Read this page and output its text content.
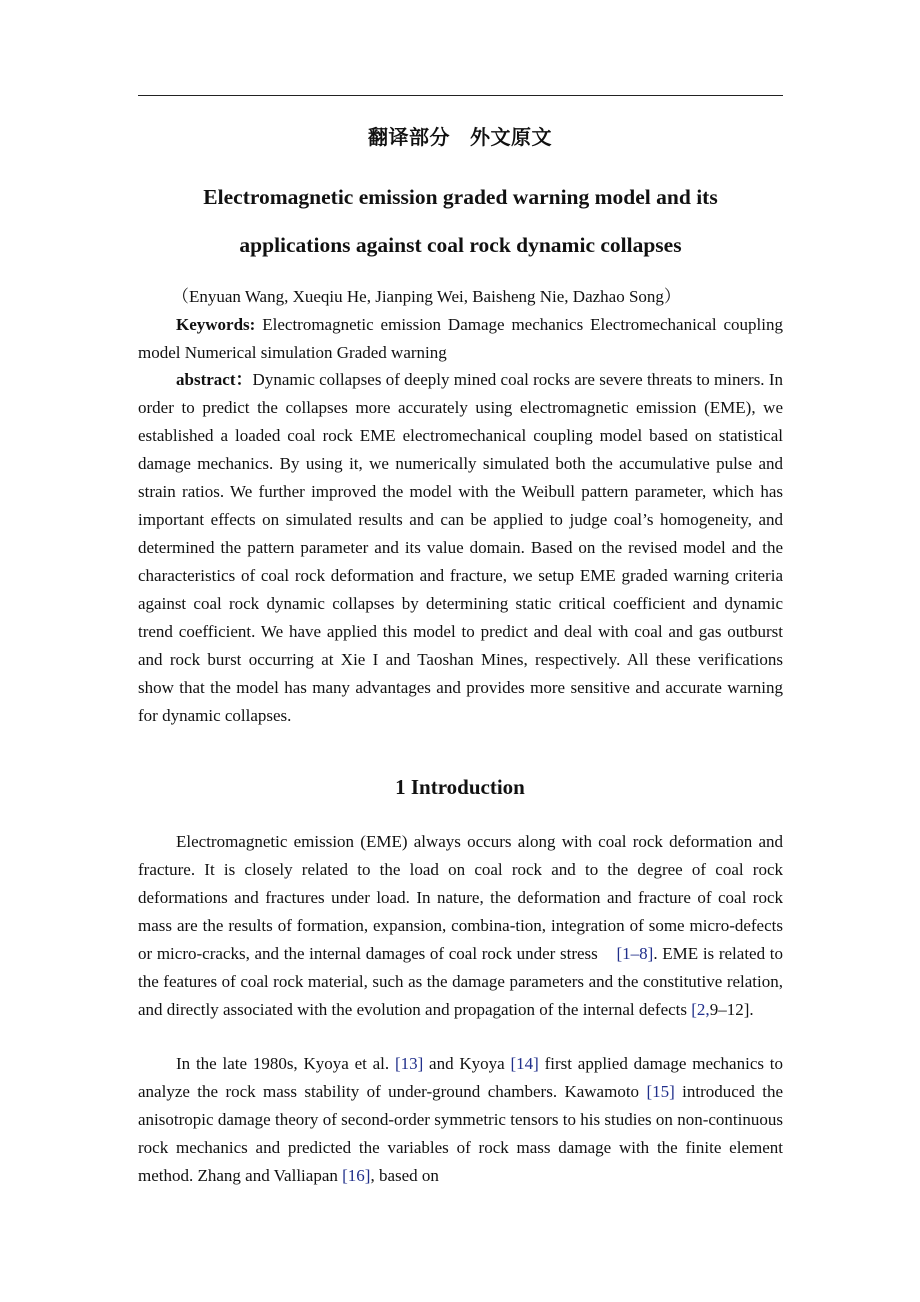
翻译部分 外文原文
Electromagnetic emission graded warning model and its
applications against coal rock dynamic collapses

（Enyuan Wang, Xueqiu He, Jianping Wei, Baisheng Nie, Dazhao Song）

Keywords: Electromagnetic emission Damage mechanics Electromechanical coupling model Numerical simulation Graded warning

abstract：Dynamic collapses of deeply mined coal rocks are severe threats to miners. In order to predict the collapses more accurately using electromagnetic emission (EME), we established a loaded coal rock EME electromechanical coupling model based on statistical damage mechanics. By using it, we numerically simulated both the accumulative pulse and strain ratios. We further improved the model with the Weibull pattern parameter, which has important effects on simulated results and can be applied to judge coal’s homogeneity, and determined the pattern parameter and its value domain. Based on the revised model and the characteristics of coal rock deformation and fracture, we setup EME graded warning criteria against coal rock dynamic collapses by determining static critical coefficient and dynamic trend coefficient. We have applied this model to predict and deal with coal and gas outburst and rock burst occurring at Xie I and Taoshan Mines, respectively. All these verifications show that the model has many advantages and provides more sensitive and accurate warning for dynamic collapses.

1 Introduction

Electromagnetic emission (EME) always occurs along with coal rock deformation and fracture. It is closely related to the load on coal rock and to the degree of coal rock deformations and fractures under load. In nature, the deformation and fracture of coal rock mass are the results of formation, expansion, combina-tion, integration of some micro-defects or micro-cracks, and the internal damages of coal rock under stress [1–8]. EME is related to the features of coal rock material, such as the damage parameters and the constitutive relation, and directly associated with the evolution and propagation of the internal defects [2,9–12].

In the late 1980s, Kyoya et al. [13] and Kyoya [14] first applied damage mechanics to analyze the rock mass stability of under-ground chambers. Kawamoto [15] introduced the anisotropic damage theory of second-order symmetric tensors to his studies on non-continuous rock mechanics and predicted the variables of rock mass damage with the finite element method. Zhang and Valliapan [16], based on
